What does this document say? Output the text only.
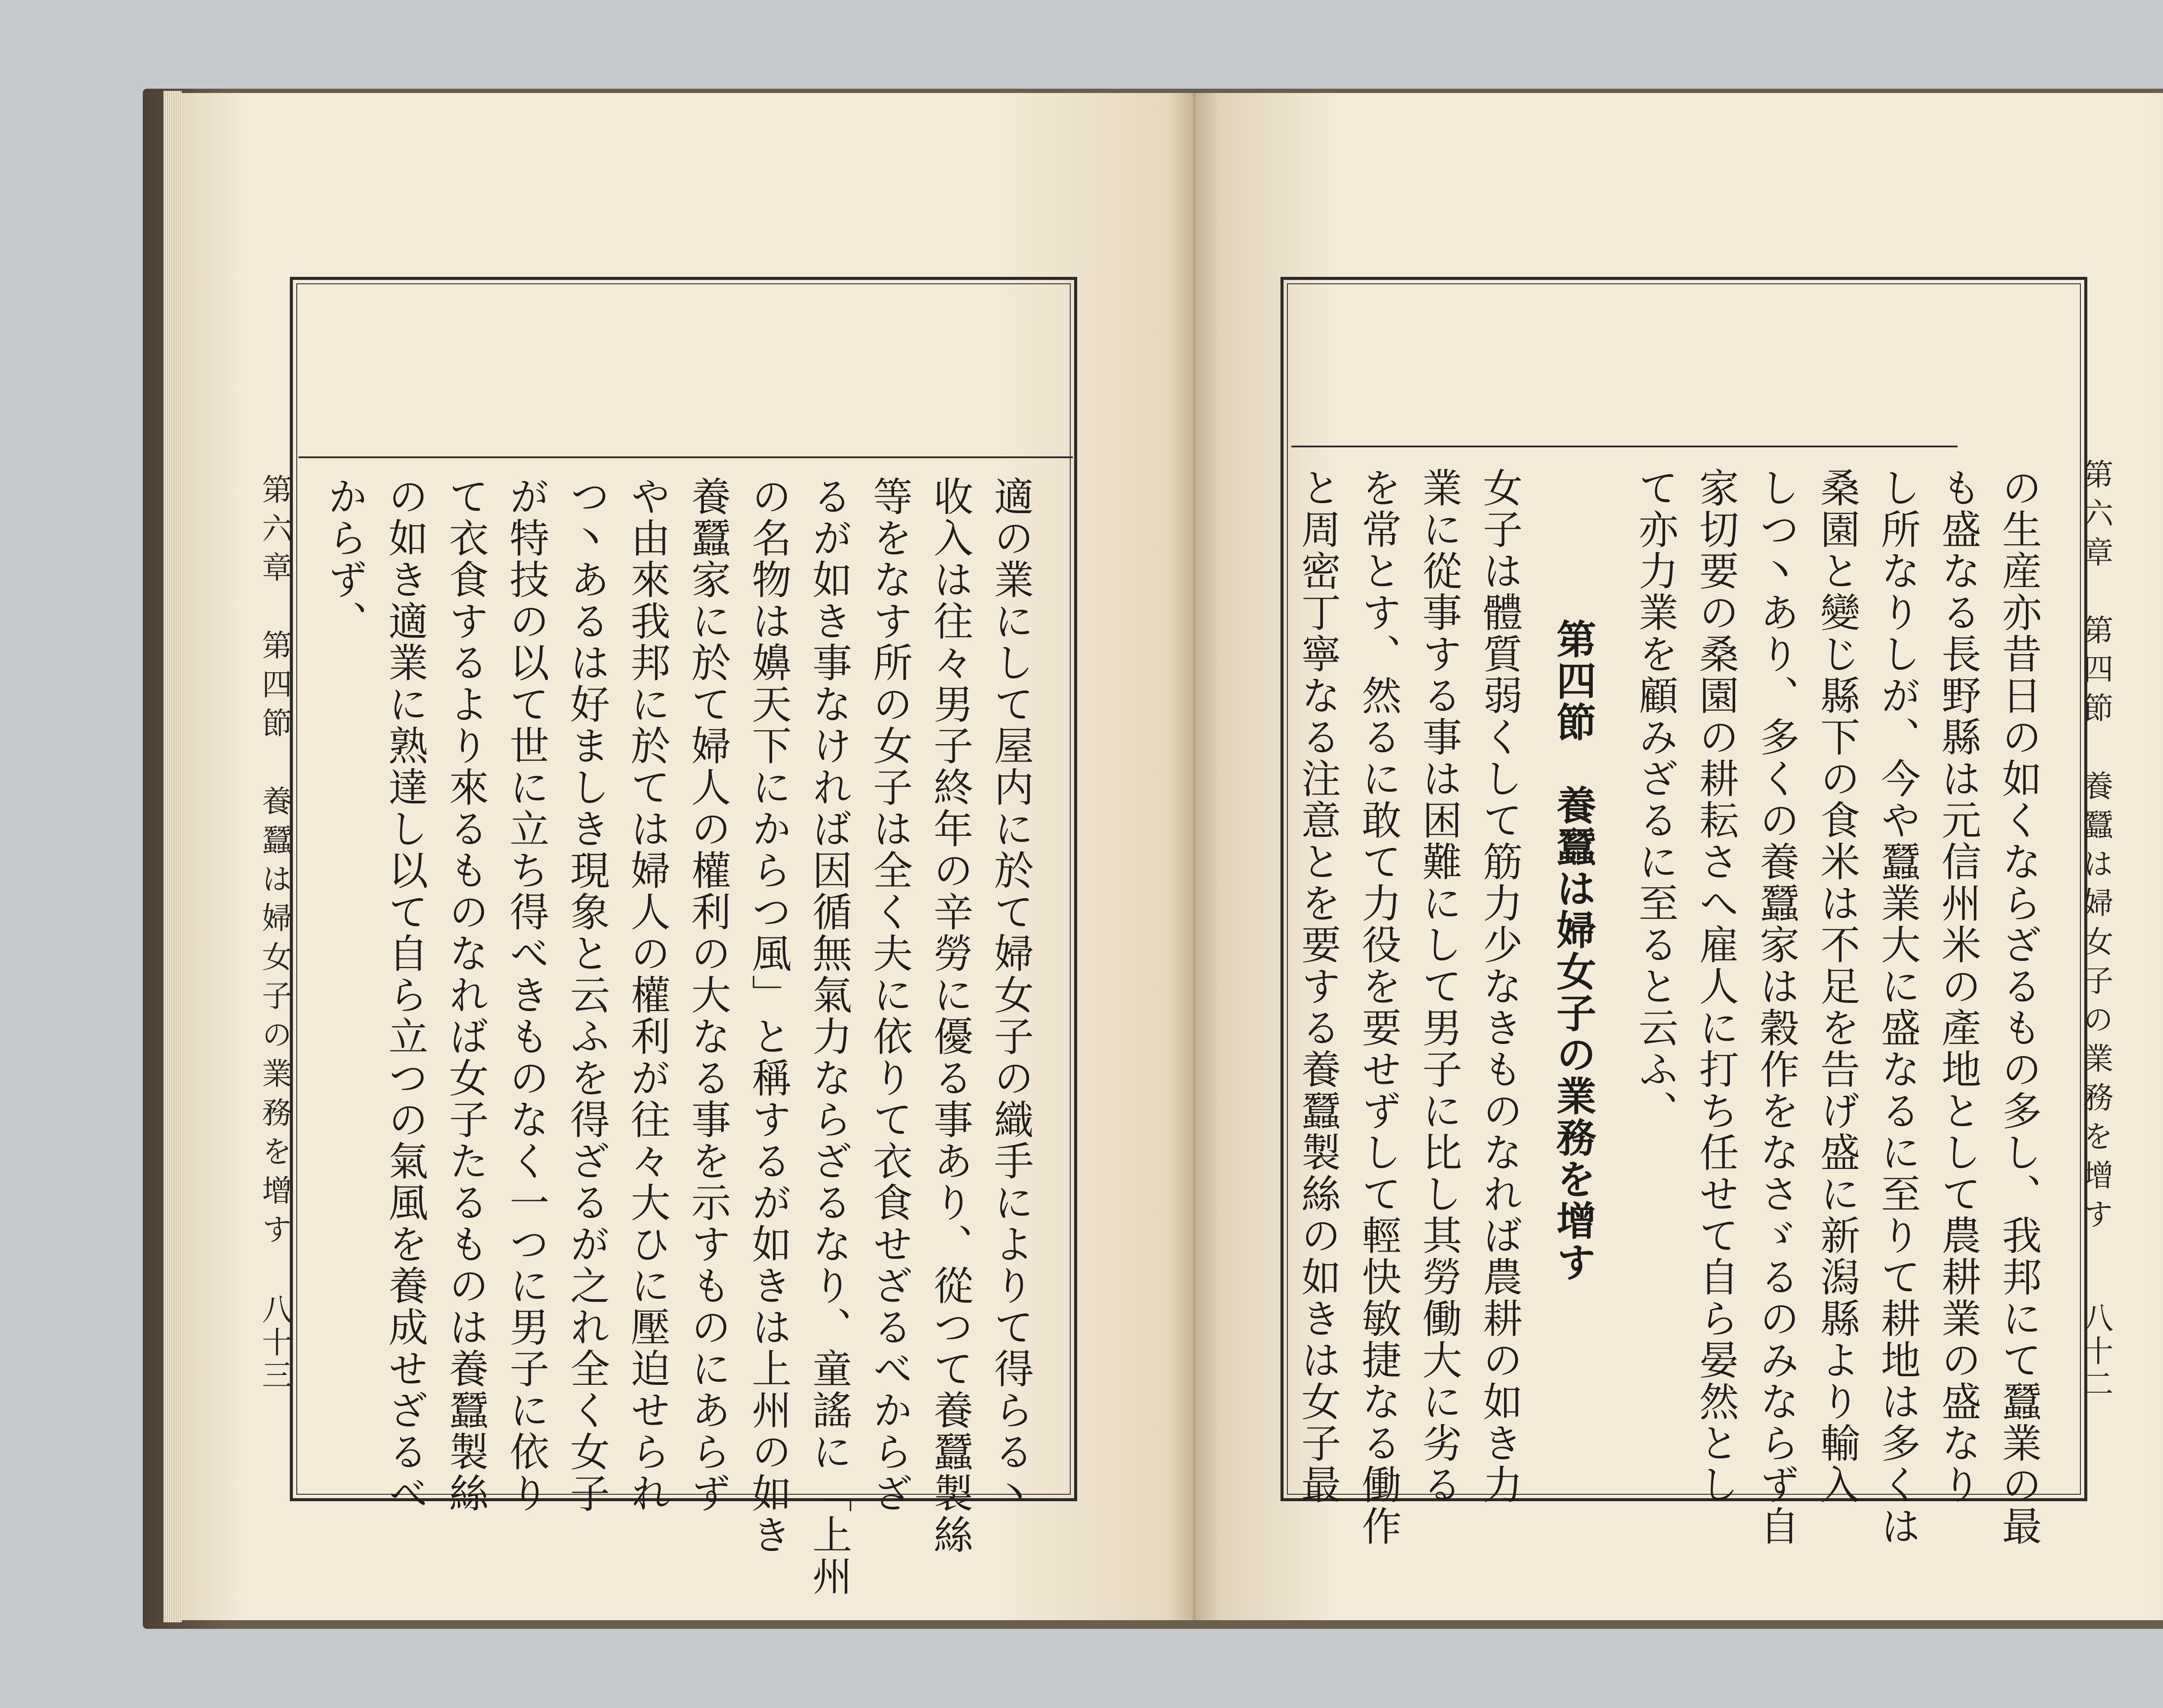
第六章　第四節　養蠶は婦女子の業務を增す
八十三
第六章　第四節　養蠶は婦女子の業務を增す
八十二
適の業にして屋内に於て婦女子の織手によりて得らる丶
收入は往々男子終年の辛勞に優る事あり、從つて養蠶製絲
等をなす所の女子は全く夫に依りて衣食せざるべからざ
るが如き事なければ因循無氣力ならざるなり、童謠に「上州
の名物は嬶天下にからつ風」と稱するが如きは上州の如き
養蠶家に於て婦人の權利の大なる事を示すものにあらず
や由來我邦に於ては婦人の權利が往々大ひに壓迫せられ
つ丶あるは好ましき現象と云ふを得ざるが之れ全く女子
が特技の以て世に立ち得べきものなく一つに男子に依り
て衣食するより來るものなれば女子たるものは養蠶製絲
の如き適業に熟達し以て自ら立つの氣風を養成せざるべ
からず、	の生産亦昔日の如くならざるもの多し、我邦にて蠶業の最
も盛なる長野縣は元信州米の產地として農耕業の盛なり
し所なりしが、今や蠶業大に盛なるに至りて耕地は多くは
桑園と變じ縣下の食米は不足を告げ盛に新潟縣より輸入
しつ丶あり、多くの養蠶家は穀作をなさゞるのみならず自
家切要の桑園の耕耘さへ雇人に打ち任せて自ら晏然とし
て亦力業を顧みざるに至ると云ふ、
第四節　養蠶は婦女子の業務を增す
女子は體質弱くして筋力少なきものなれば農耕の如き力
業に從事する事は困難にして男子に比し其勞働大に劣る
を常とす、然るに敢て力役を要せずして輕快敏捷なる働作
と周密丁寧なる注意とを要する養蠶製絲の如きは女子最
